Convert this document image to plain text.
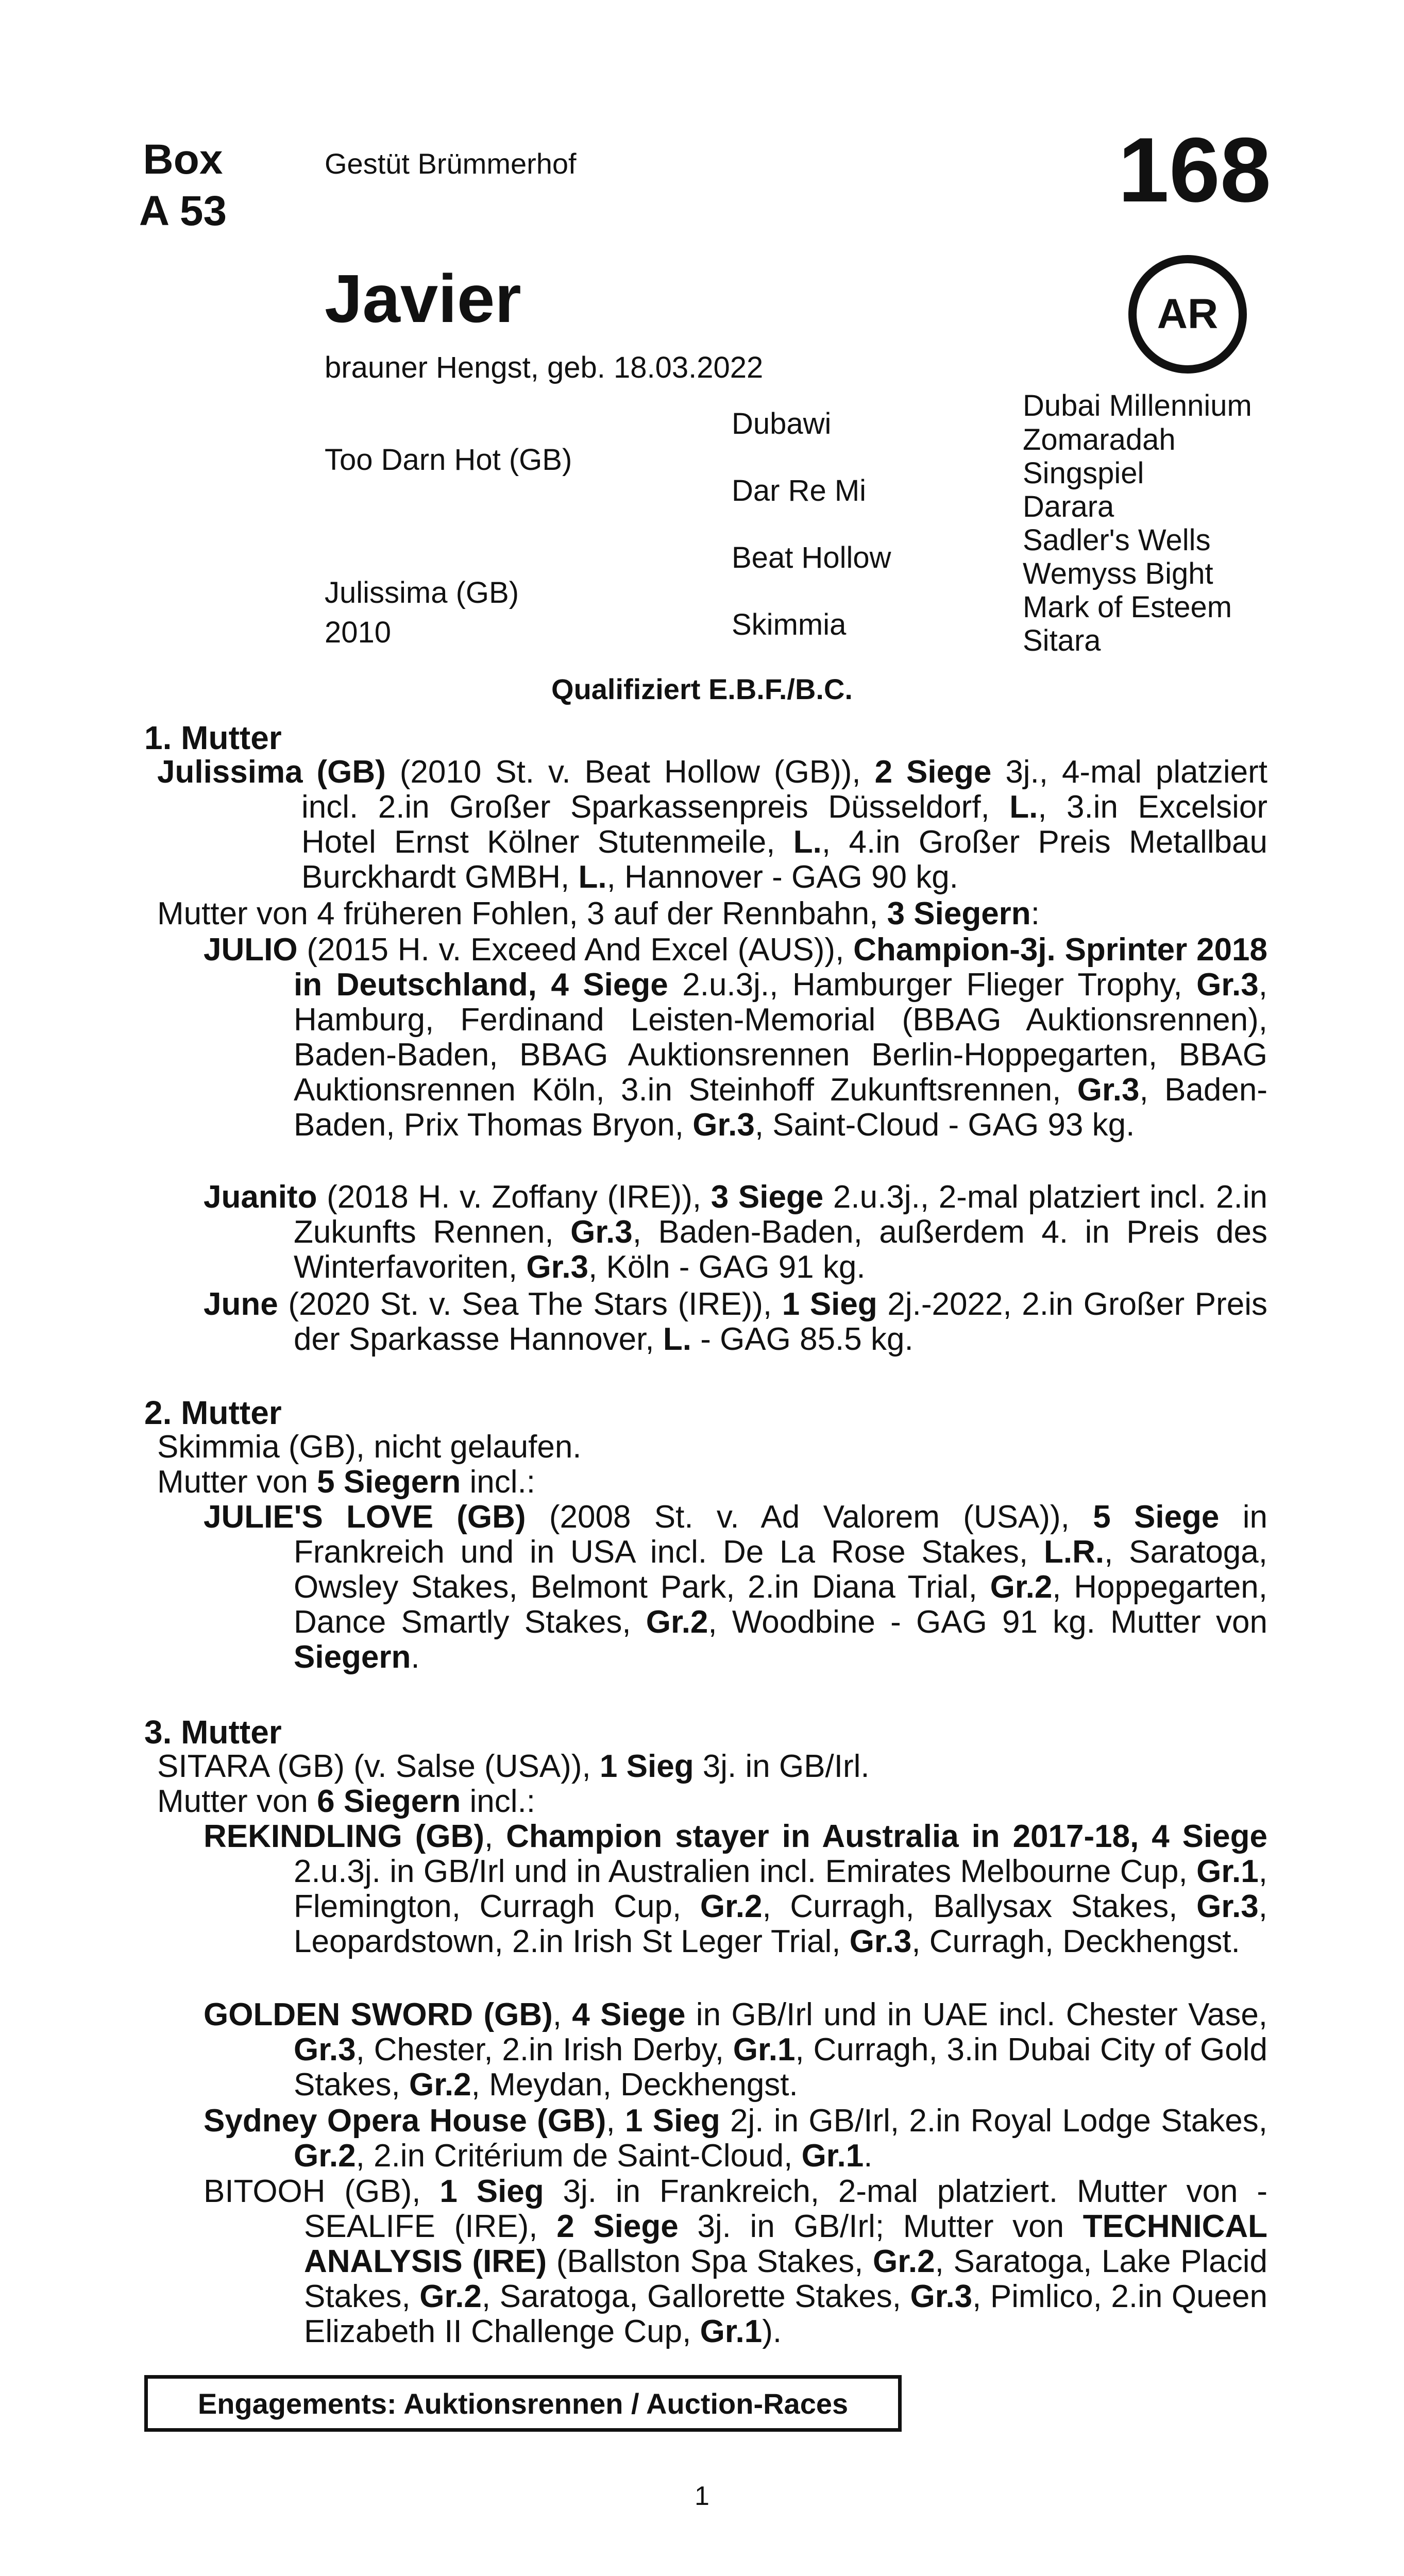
Box
A 53
Gestüt Brümmerhof	168
AR
Javier
brauner Hengst, geb. 18.03.2022
Too Darn Hot (GB)
Julissima (GB)
2010
Dubawi
Dar Re Mi
Beat Hollow
Skimmia
Dubai Millennium
Zomaradah
Singspiel
Darara
Sadler's Wells
Wemyss Bight
Mark of Esteem
Sitara
Qualifiziert E.B.F./B.C.
1. Mutter
Julissima (GB) (2010 St. v. Beat Hollow (GB)), 2 Siege 3j., 4-mal platziert incl. 2.in Großer Sparkassenpreis Düsseldorf, L., 3.in Excelsior Hotel Ernst Kölner Stutenmeile, L., 4.in Großer Preis Metallbau Burckhardt GMBH, L., Hannover - GAG 90 kg.
Mutter von 4 früheren Fohlen, 3 auf der Rennbahn, 3 Siegern:
JULIO (2015 H. v. Exceed And Excel (AUS)), Champion-3j. Sprinter 2018 in Deutschland, 4 Siege 2.u.3j., Hamburger Flieger Trophy, Gr.3, Hamburg, Ferdinand Leisten-Memorial (BBAG Auktionsrennen), Baden-Baden, BBAG Auktionsrennen Berlin-Hoppegarten, BBAG Auktionsrennen Köln, 3.in Steinhoff Zukunftsrennen, Gr.3, Baden-Baden, Prix Thomas Bryon, Gr.3, Saint-Cloud - GAG 93 kg.
Juanito (2018 H. v. Zoffany (IRE)), 3 Siege 2.u.3j., 2-mal platziert incl. 2.in Zukunfts Rennen, Gr.3, Baden-Baden, außerdem 4. in Preis des Winterfavoriten, Gr.3, Köln - GAG 91 kg.
June (2020 St. v. Sea The Stars (IRE)), 1 Sieg 2j.-2022, 2.in Großer Preis der Sparkasse Hannover, L. - GAG 85.5 kg.
2. Mutter
Skimmia (GB), nicht gelaufen.
Mutter von 5 Siegern incl.:
JULIE'S LOVE (GB) (2008 St. v. Ad Valorem (USA)), 5 Siege in Frankreich und in USA incl. De La Rose Stakes, L.R., Saratoga, Owsley Stakes, Belmont Park, 2.in Diana Trial, Gr.2, Hoppegarten, Dance Smartly Stakes, Gr.2, Woodbine - GAG 91 kg. Mutter von Siegern.
3. Mutter
SITARA (GB) (v. Salse (USA)), 1 Sieg 3j. in GB/Irl.
Mutter von 6 Siegern incl.:
REKINDLING (GB), Champion stayer in Australia in 2017-18, 4 Siege 2.u.3j. in GB/Irl und in Australien incl. Emirates Melbourne Cup, Gr.1, Flemington, Curragh Cup, Gr.2, Curragh, Ballysax Stakes, Gr.3, Leopardstown, 2.in Irish St Leger Trial, Gr.3, Curragh, Deckhengst.
GOLDEN SWORD (GB), 4 Siege in GB/Irl und in UAE incl. Chester Vase, Gr.3, Chester, 2.in Irish Derby, Gr.1, Curragh, 3.in Dubai City of Gold Stakes, Gr.2, Meydan, Deckhengst.
Sydney Opera House (GB), 1 Sieg 2j. in GB/Irl, 2.in Royal Lodge Stakes, Gr.2, 2.in Critérium de Saint-Cloud, Gr.1.
BITOOH (GB), 1 Sieg 3j. in Frankreich, 2-mal platziert. Mutter von - SEALIFE (IRE), 2 Siege 3j. in GB/Irl; Mutter von TECHNICAL ANALYSIS (IRE) (Ballston Spa Stakes, Gr.2, Saratoga, Lake Placid Stakes, Gr.2, Saratoga, Gallorette Stakes, Gr.3, Pimlico, 2.in Queen Elizabeth II Challenge Cup, Gr.1).
Engagements: Auktionsrennen / Auction-Races
1
